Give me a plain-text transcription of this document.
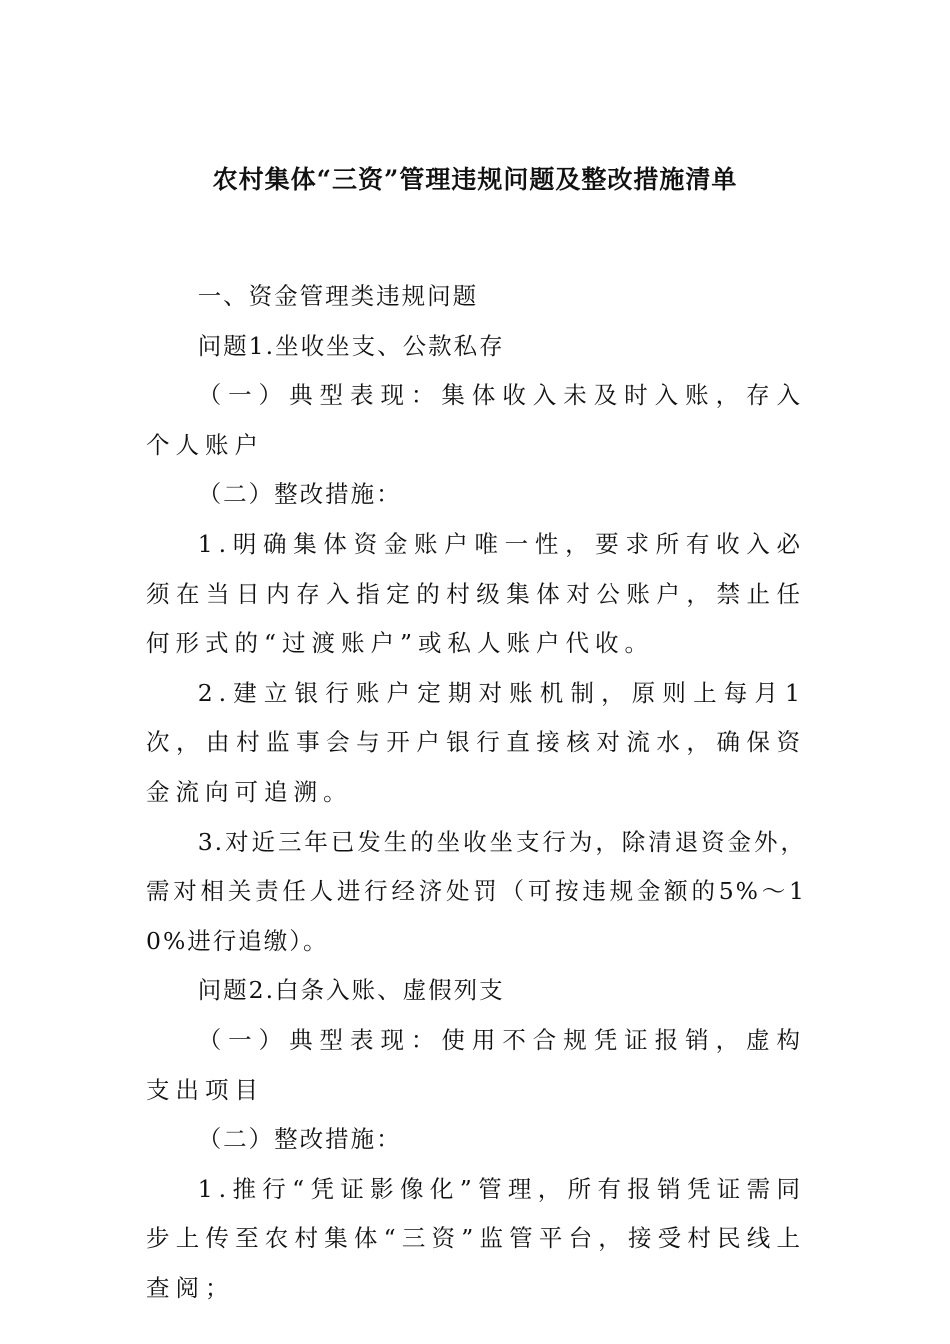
农村集体“三资”管理违规问题及整改措施清单

一、资金管理类违规问题

问题1.坐收坐支、公款私存

（一）典型表现：集体收入未及时入账，存入个人账户

（二）整改措施：

1.明确集体资金账户唯一性，要求所有收入必须在当日内存入指定的村级集体对公账户，禁止任何形式的“过渡账户”或私人账户代收。

2.建立银行账户定期对账机制，原则上每月1次，由村监事会与开户银行直接核对流水，确保资金流向可追溯。

3.对近三年已发生的坐收坐支行为，除清退资金外，需对相关责任人进行经济处罚（可按违规金额的5%～10%进行追缴）。

问题2.白条入账、虚假列支

（一）典型表现：使用不合规凭证报销，虚构支出项目

（二）整改措施：

1.推行“凭证影像化”管理，所有报销凭证需同步上传至农村集体“三资”监管平台，接受村民线上查阅；
